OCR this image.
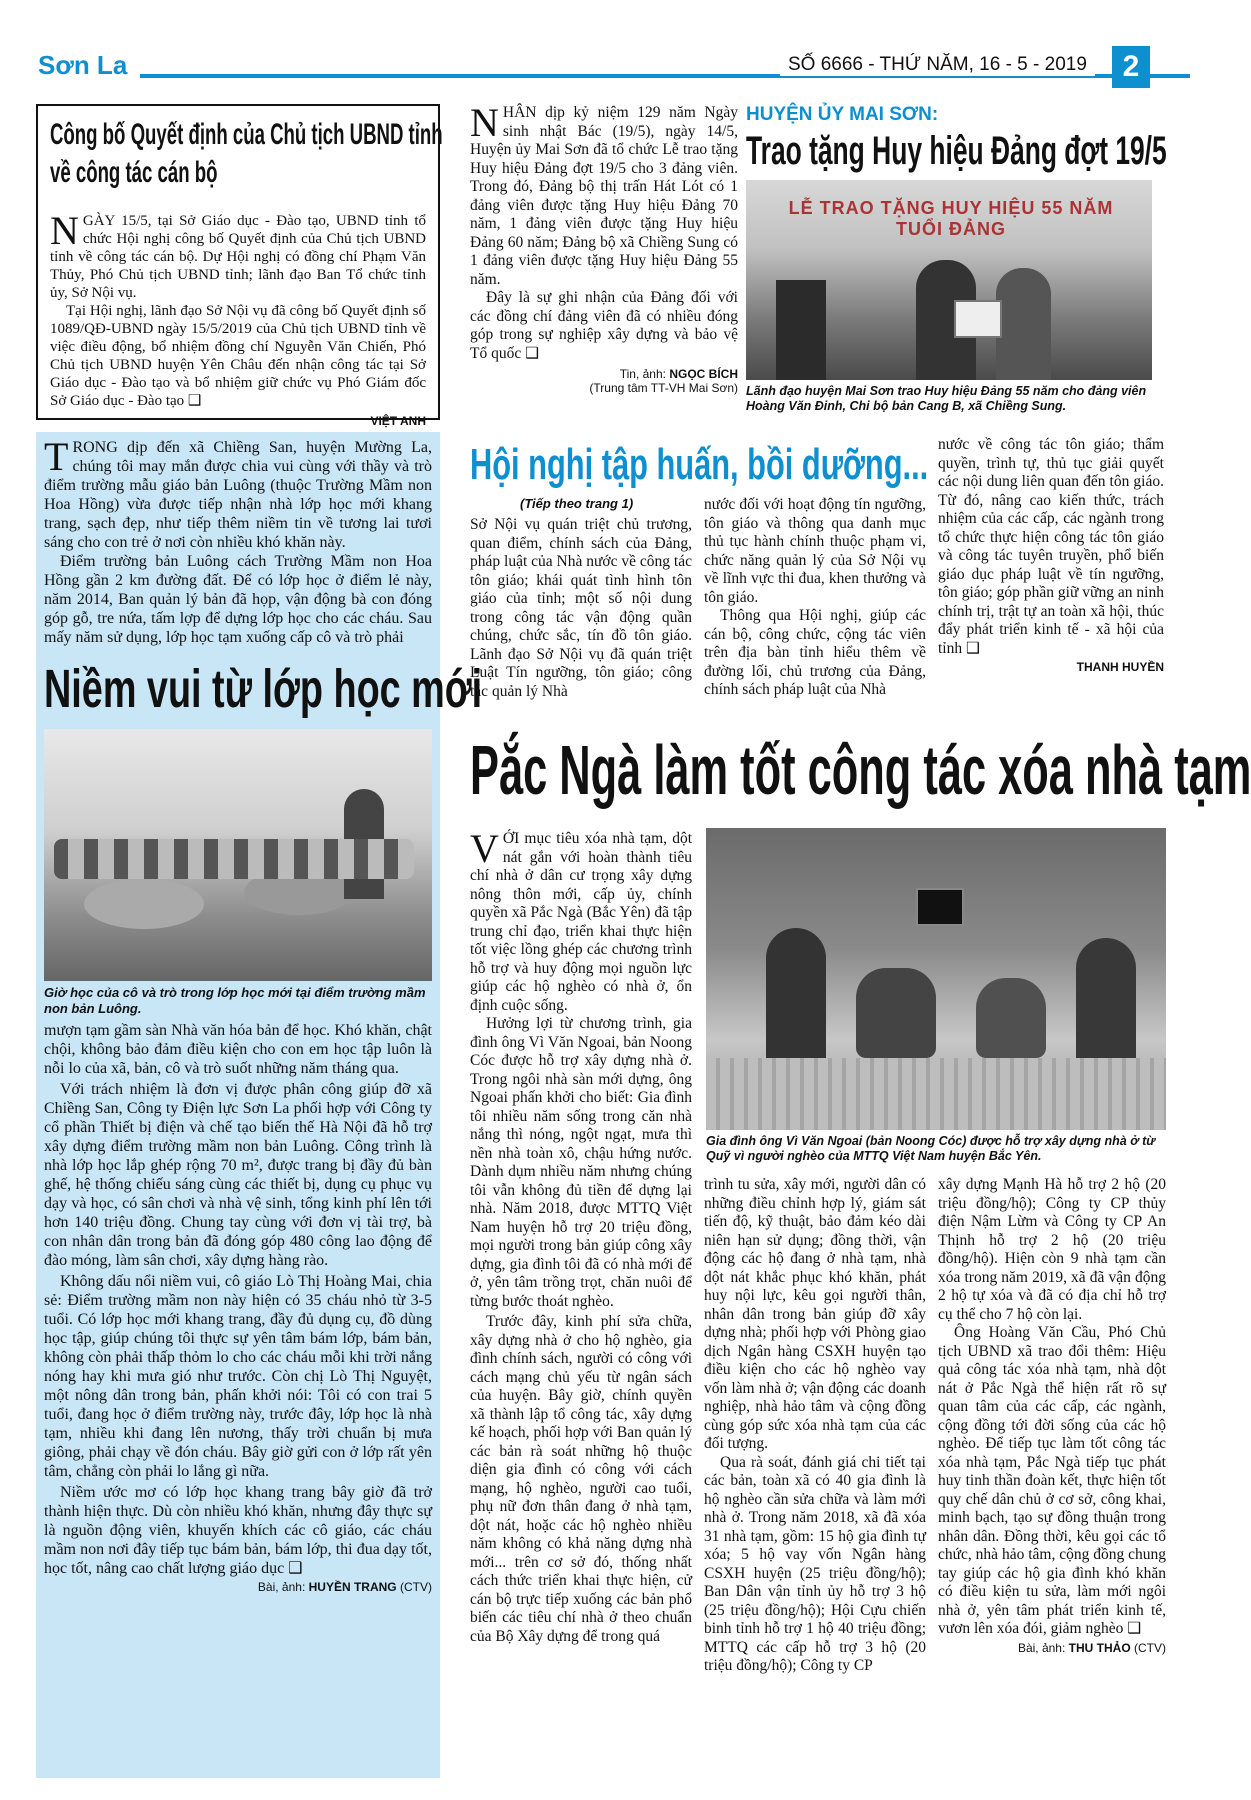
Sơn La	SỐ 6666 - THỨ NĂM, 16 - 5 - 2019	2
Công bố Quyết định của Chủ tịch UBND tỉnh
về công tác cán bộ
NGÀY 15/5, tại Sở Giáo dục - Đào tạo, UBND tỉnh tổ chức Hội nghị công bố Quyết định của Chủ tịch UBND tỉnh về công tác cán bộ. Dự Hội nghị có đồng chí Phạm Văn Thủy, Phó Chủ tịch UBND tỉnh; lãnh đạo Ban Tổ chức tỉnh ủy, Sở Nội vụ.

Tại Hội nghị, lãnh đạo Sở Nội vụ đã công bố Quyết định số 1089/QĐ-UBND ngày 15/5/2019 của Chủ tịch UBND tỉnh về việc điều động, bổ nhiệm đồng chí Nguyễn Văn Chiến, Phó Chủ tịch UBND huyện Yên Châu đến nhận công tác tại Sở Giáo dục - Đào tạo và bổ nhiệm giữ chức vụ Phó Giám đốc Sở Giáo dục - Đào tạo ❑

VIỆT ANH
NHÂN dịp kỷ niệm 129 năm Ngày sinh nhật Bác (19/5), ngày 14/5, Huyện ủy Mai Sơn đã tổ chức Lễ trao tặng Huy hiệu Đảng đợt 19/5 cho 3 đảng viên. Trong đó, Đảng bộ thị trấn Hát Lót có 1 đảng viên được tặng Huy hiệu Đảng 70 năm, 1 đảng viên được tặng Huy hiệu Đảng 60 năm; Đảng bộ xã Chiềng Sung có 1 đảng viên được tặng Huy hiệu Đảng 55 năm.

Đây là sự ghi nhận của Đảng đối với các đồng chí đảng viên đã có nhiều đóng góp trong sự nghiệp xây dựng và bảo vệ Tổ quốc ❑

Tin, ảnh: NGỌC BÍCH
(Trung tâm TT-VH Mai Sơn)
HUYỆN ỦY MAI SƠN:
Trao tặng Huy hiệu Đảng đợt 19/5
LỄ TRAO TẶNG HUY HIỆU 55 NĂM TUỔI ĐẢNG
Lãnh đạo huyện Mai Sơn trao Huy hiệu Đảng 55 năm cho đảng viên Hoàng Văn Đinh, Chi bộ bản Cang B, xã Chiềng Sung.
TRONG dịp đến xã Chiềng San, huyện Mường La, chúng tôi may mắn được chia vui cùng với thầy và trò điểm trường mẫu giáo bản Luông (thuộc Trường Mầm non Hoa Hồng) vừa được tiếp nhận nhà lớp học mới khang trang, sạch đẹp, như tiếp thêm niềm tin về tương lai tươi sáng cho con trẻ ở nơi còn nhiều khó khăn này.

Điểm trường bản Luông cách Trường Mầm non Hoa Hồng gần 2 km đường đất. Để có lớp học ở điểm lẻ này, năm 2014, Ban quản lý bản đã họp, vận động bà con đóng góp gỗ, tre nứa, tấm lợp để dựng lớp học cho các cháu. Sau mấy năm sử dụng, lớp học tạm xuống cấp cô và trò phải

Niềm vui từ lớp học mới
Giờ học của cô và trò trong lớp học mới tại điểm trường mầm non bản Luông.

mượn tạm gầm sàn Nhà văn hóa bản để học. Khó khăn, chật chội, không bảo đảm điều kiện cho con em học tập luôn là nỗi lo của xã, bản, cô và trò suốt những năm tháng qua.

Với trách nhiệm là đơn vị được phân công giúp đỡ xã Chiềng San, Công ty Điện lực Sơn La phối hợp với Công ty cổ phần Thiết bị điện và chế tạo biến thế Hà Nội đã hỗ trợ xây dựng điểm trường mầm non bản Luông. Công trình là nhà lớp học lắp ghép rộng 70 m², được trang bị đầy đủ bàn ghế, hệ thống chiếu sáng cùng các thiết bị, dụng cụ phục vụ dạy và học, có sân chơi và nhà vệ sinh, tổng kinh phí lên tới hơn 140 triệu đồng. Chung tay cùng với đơn vị tài trợ, bà con nhân dân trong bản đã đóng góp 480 công lao động để đào móng, làm sân chơi, xây dựng hàng rào.

Không dấu nổi niềm vui, cô giáo Lò Thị Hoàng Mai, chia sẻ: Điểm trường mầm non này hiện có 35 cháu nhỏ từ 3-5 tuổi. Có lớp học mới khang trang, đầy đủ dụng cụ, đồ dùng học tập, giúp chúng tôi thực sự yên tâm bám lớp, bám bản, không còn phải thấp thỏm lo cho các cháu mỗi khi trời nắng nóng hay khi mưa gió như trước. Còn chị Lò Thị Nguyệt, một nông dân trong bản, phấn khởi nói: Tôi có con trai 5 tuổi, đang học ở điểm trường này, trước đây, lớp học là nhà tạm, nhiều khi đang lên nương, thấy trời chuẩn bị mưa giông, phải chạy về đón cháu. Bây giờ gửi con ở lớp rất yên tâm, chẳng còn phải lo lắng gì nữa.

Niềm ước mơ có lớp học khang trang bây giờ đã trở thành hiện thực. Dù còn nhiều khó khăn, nhưng đây thực sự là nguồn động viên, khuyến khích các cô giáo, các cháu mầm non nơi đây tiếp tục bám bản, bám lớp, thi đua dạy tốt, học tốt, nâng cao chất lượng giáo dục ❑

Bài, ảnh: HUYỀN TRANG (CTV)
Hội nghị tập huấn, bồi dưỡng...
(Tiếp theo trang 1)
Sở Nội vụ quán triệt chủ trương, quan điểm, chính sách của Đảng, pháp luật của Nhà nước về công tác tôn giáo; khái quát tình hình tôn giáo của tỉnh; một số nội dung trong công tác vận động quần chúng, chức sắc, tín đồ tôn giáo. Lãnh đạo Sở Nội vụ đã quán triệt Luật Tín ngưỡng, tôn giáo; công tác quản lý Nhà
nước đối với hoạt động tín ngưỡng, tôn giáo và thông qua danh mục thủ tục hành chính thuộc phạm vi, chức năng quản lý của Sở Nội vụ về lĩnh vực thi đua, khen thưởng và tôn giáo.

Thông qua Hội nghị, giúp các cán bộ, công chức, cộng tác viên trên địa bàn tỉnh hiểu thêm về đường lối, chủ trương của Đảng, chính sách pháp luật của Nhà

nước về công tác tôn giáo; thẩm quyền, trình tự, thủ tục giải quyết các nội dung liên quan đến tôn giáo. Từ đó, nâng cao kiến thức, trách nhiệm của các cấp, các ngành trong tổ chức thực hiện công tác tôn giáo và công tác tuyên truyền, phổ biến giáo dục pháp luật về tín ngưỡng, tôn giáo; góp phần giữ vững an ninh chính trị, trật tự an toàn xã hội, thúc đẩy phát triển kinh tế - xã hội của tỉnh ❑
THANH HUYỀN
Pắc Ngà làm tốt công tác xóa nhà tạm
VỚI mục tiêu xóa nhà tạm, dột nát gắn với hoàn thành tiêu chí nhà ở dân cư trọng xây dựng nông thôn mới, cấp ủy, chính quyền xã Pắc Ngà (Bắc Yên) đã tập trung chỉ đạo, triển khai thực hiện tốt việc lồng ghép các chương trình hỗ trợ và huy động mọi nguồn lực giúp các hộ nghèo có nhà ở, ổn định cuộc sống.

Hưởng lợi từ chương trình, gia đình ông Vì Văn Ngoai, bản Noong Cóc được hỗ trợ xây dựng nhà ở. Trong ngôi nhà sàn mới dựng, ông Ngoai phấn khởi cho biết: Gia đình tôi nhiều năm sống trong căn nhà nắng thì nóng, ngột ngạt, mưa thì nền nhà toàn xô, chậu hứng nước. Dành dụm nhiều năm nhưng chúng tôi vẫn không đủ tiền để dựng lại nhà. Năm 2018, được MTTQ Việt Nam huyện hỗ trợ 20 triệu đồng, mọi người trong bản giúp công xây dựng, gia đình tôi đã có nhà mới để ở, yên tâm trồng trọt, chăn nuôi để từng bước thoát nghèo.

Trước đây, kinh phí sửa chữa, xây dựng nhà ở cho hộ nghèo, gia đình chính sách, người có công với cách mạng chủ yếu từ ngân sách của huyện. Bây giờ, chính quyền xã thành lập tổ công tác, xây dựng kế hoạch, phối hợp với Ban quản lý các bản rà soát những hộ thuộc diện gia đình có công với cách mạng, hộ nghèo, người cao tuổi, phụ nữ đơn thân đang ở nhà tạm, dột nát, hoặc các hộ nghèo nhiều năm không có khả năng dựng nhà mới... trên cơ sở đó, thống nhất cách thức triển khai thực hiện, cử cán bộ trực tiếp xuống các bản phổ biến các tiêu chí nhà ở theo chuẩn của Bộ Xây dựng để trong quá

Gia đình ông Vì Văn Ngoai (bản Noong Cóc) được hỗ trợ xây dựng nhà ở từ Quỹ vì người nghèo của MTTQ Việt Nam huyện Bắc Yên.
trình tu sửa, xây mới, người dân có những điều chỉnh hợp lý, giám sát tiến độ, kỹ thuật, bảo đảm kéo dài niên hạn sử dụng; đồng thời, vận động các hộ đang ở nhà tạm, nhà dột nát khắc phục khó khăn, phát huy nội lực, kêu gọi người thân, nhân dân trong bản giúp đỡ xây dựng nhà; phối hợp với Phòng giao dịch Ngân hàng CSXH huyện tạo điều kiện cho các hộ nghèo vay vốn làm nhà ở; vận động các doanh nghiệp, nhà hảo tâm và cộng đồng cùng góp sức xóa nhà tạm của các đối tượng.

Qua rà soát, đánh giá chi tiết tại các bản, toàn xã có 40 gia đình là hộ nghèo cần sửa chữa và làm mới nhà ở. Trong năm 2018, xã đã xóa 31 nhà tạm, gồm: 15 hộ gia đình tự xóa; 5 hộ vay vốn Ngân hàng CSXH huyện (25 triệu đồng/hộ); Ban Dân vận tỉnh ủy hỗ trợ 3 hộ (25 triệu đồng/hộ); Hội Cựu chiến binh tỉnh hỗ trợ 1 hộ 40 triệu đồng; MTTQ các cấp hỗ trợ 3 hộ (20 triệu đồng/hộ); Công ty CP

xây dựng Mạnh Hà hỗ trợ 2 hộ (20 triệu đồng/hộ); Công ty CP thủy điện Nậm Lừm và Công ty CP An Thịnh hỗ trợ 2 hộ (20 triệu đồng/hộ). Hiện còn 9 nhà tạm cần xóa trong năm 2019, xã đã vận động 2 hộ tự xóa và đã có địa chỉ hỗ trợ cụ thể cho 7 hộ còn lại.

Ông Hoàng Văn Cầu, Phó Chủ tịch UBND xã trao đổi thêm: Hiệu quả công tác xóa nhà tạm, nhà dột nát ở Pắc Ngà thể hiện rất rõ sự quan tâm của các cấp, các ngành, cộng đồng tới đời sống của các hộ nghèo. Để tiếp tục làm tốt công tác xóa nhà tạm, Pắc Ngà tiếp tục phát huy tinh thần đoàn kết, thực hiện tốt quy chế dân chủ ở cơ sở, công khai, minh bạch, tạo sự đồng thuận trong nhân dân. Đồng thời, kêu gọi các tổ chức, nhà hảo tâm, cộng đồng chung tay giúp các hộ gia đình khó khăn có điều kiện tu sửa, làm mới ngôi nhà ở, yên tâm phát triển kinh tế, vươn lên xóa đói, giảm nghèo ❑

Bài, ảnh: THU THẢO (CTV)
